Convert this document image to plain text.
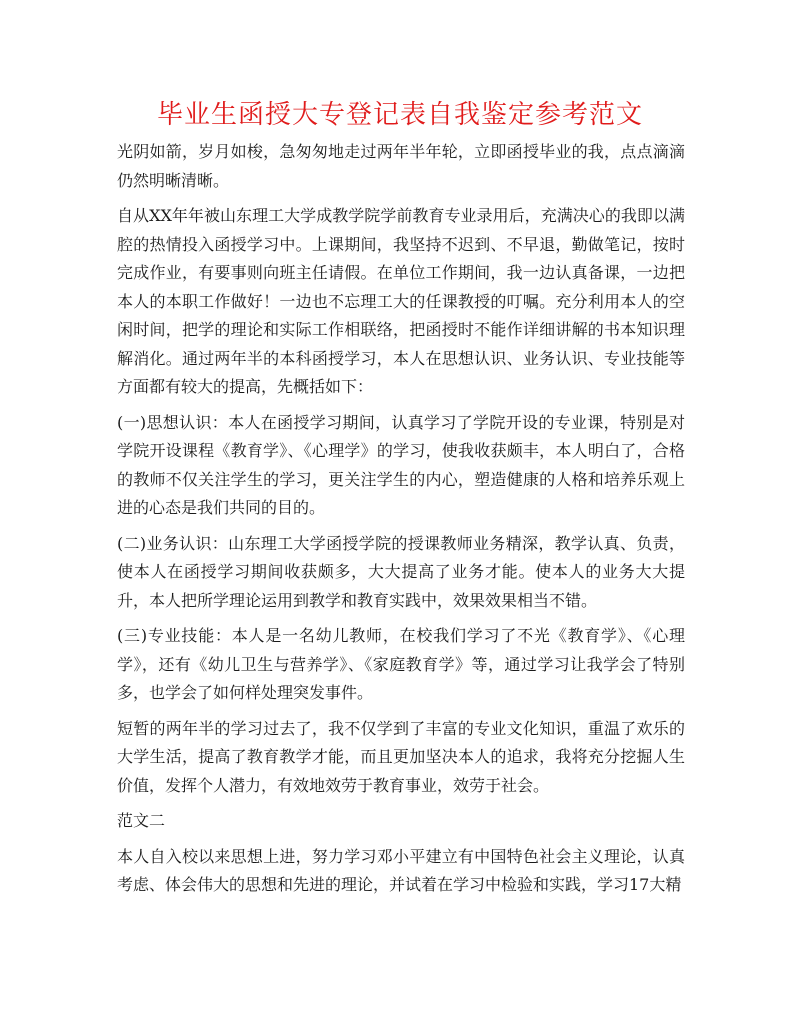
毕业生函授大专登记表自我鉴定参考范文

光阴如箭，岁月如梭，急匆匆地走过两年半年轮，立即函授毕业的我，点点滴滴仍然明晰清晰。

自从XX年年被山东理工大学成教学院学前教育专业录用后，充满决心的我即以满腔的热情投入函授学习中。上课期间，我坚持不迟到、不早退，勤做笔记，按时完成作业，有要事则向班主任请假。在单位工作期间，我一边认真备课，一边把本人的本职工作做好！一边也不忘理工大的任课教授的叮嘱。充分利用本人的空闲时间，把学的理论和实际工作相联络，把函授时不能作详细讲解的书本知识理解消化。通过两年半的本科函授学习，本人在思想认识、业务认识、专业技能等方面都有较大的提高，先概括如下：

(一)思想认识：本人在函授学习期间，认真学习了学院开设的专业课，特别是对学院开设课程《教育学》、《心理学》的学习，使我收获颇丰，本人明白了，合格的教师不仅关注学生的学习，更关注学生的内心，塑造健康的人格和培养乐观上进的心态是我们共同的目的。

(二)业务认识：山东理工大学函授学院的授课教师业务精深，教学认真、负责，使本人在函授学习期间收获颇多，大大提高了业务才能。使本人的业务大大提升，本人把所学理论运用到教学和教育实践中，效果效果相当不错。

(三)专业技能：本人是一名幼儿教师，在校我们学习了不光《教育学》、《心理学》，还有《幼儿卫生与营养学》、《家庭教育学》等，通过学习让我学会了特别多，也学会了如何样处理突发事件。

短暂的两年半的学习过去了，我不仅学到了丰富的专业文化知识，重温了欢乐的大学生活，提高了教育教学才能，而且更加坚决本人的追求，我将充分挖掘人生价值，发挥个人潜力，有效地效劳于教育事业，效劳于社会。

范文二

本人自入校以来思想上进，努力学习邓小平建立有中国特色社会主义理论，认真考虑、体会伟大的思想和先进的理论，并试着在学习中检验和实践，学习17大精
